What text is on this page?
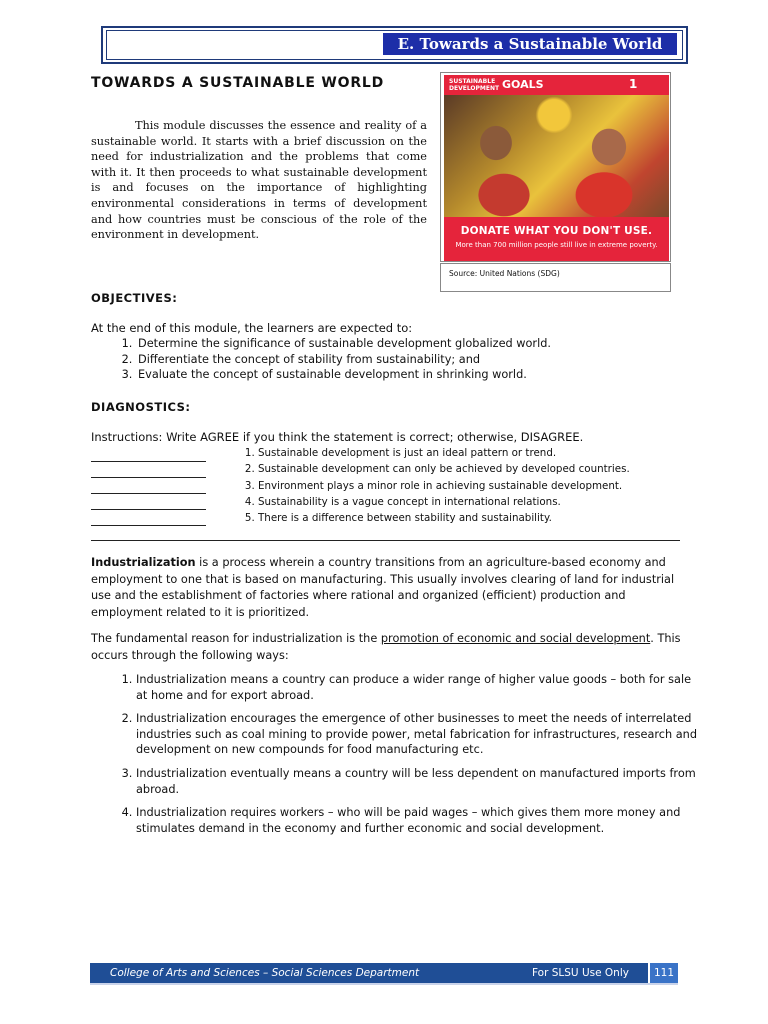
E. Towards a Sustainable World
TOWARDS A SUSTAINABLE WORLD
This module discusses the essence and reality of a sustainable world. It starts with a brief discussion on the need for industrialization and the problems that come with it. It then proceeds to what sustainable development is and focuses on the importance of highlighting environmental considerations in terms of development and how countries must be conscious of the role of the environment in development.
SUSTAINABLE DEVELOPMENT GOALS	1
DONATE WHAT YOU DON'T USE.
More than 700 million people still live in extreme poverty.
Source: United Nations (SDG)
OBJECTIVES:
At the end of this module, the learners are expected to:
1. Determine the significance of sustainable development globalized world.
2. Differentiate the concept of stability from sustainability; and
3. Evaluate the concept of sustainable development in shrinking world.
DIAGNOSTICS:
Instructions: Write AGREE if you think the statement is correct; otherwise, DISAGREE.
1. Sustainable development is just an ideal pattern or trend.
2. Sustainable development can only be achieved by developed countries.
3. Environment plays a minor role in achieving sustainable development.
4. Sustainability is a vague concept in international relations.
5. There is a difference between stability and sustainability.
Industrialization is a process wherein a country transitions from an agriculture-based economy and employment to one that is based on manufacturing. This usually involves clearing of land for industrial use and the establishment of factories where rational and organized (efficient) production and employment related to it is prioritized.
The fundamental reason for industrialization is the promotion of economic and social development. This occurs through the following ways:
1. Industrialization means a country can produce a wider range of higher value goods – both for sale at home and for export abroad.
2. Industrialization encourages the emergence of other businesses to meet the needs of interrelated industries such as coal mining to provide power, metal fabrication for infrastructures, research and development on new compounds for food manufacturing etc.
3. Industrialization eventually means a country will be less dependent on manufactured imports from abroad.
4. Industrialization requires workers – who will be paid wages – which gives them more money and stimulates demand in the economy and further economic and social development.
College of Arts and Sciences – Social Sciences Department	For SLSU Use Only	111
